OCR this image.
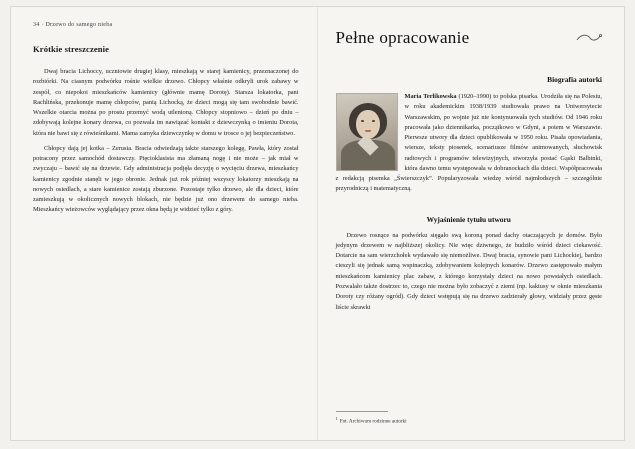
34 · Drzewo do samego nieba
Krótkie streszczenie

Dwaj bracia Lichoccy, uczniowie drugiej klasy, mieszkają w starej kamienicy, przeznaczonej do rozbiórki. Na ciasnym podwórku rośnie wielkie drzewo. Chłopcy właśnie odkryli urok zabawy w zespół, co niepokoi mieszkańców kamienicy (głównie mamę Dorotę). Starsza lokatorka, pani Rachlińska, przekonuje mamę chłopców, panią Lichocką, że dzieci mogą się tam swobodnie bawić. Wszelkie otarcia można po prostu przemyć wodą utlenioną. Chłopcy stopniowo – dzień po dniu – zdobywają kolejne konary drzewa, co pozwala im nawiązać kontakt z dziewczynką o imieniu Dorota, która nie bawi się z rówieśnikami. Mama zamyka dziewczynkę w domu w trosce o jej bezpieczeństwo.

Chłopcy dają jej kotka – Zerusia. Bracia odwiedzają także starszego kolegę, Pawła, który został potracony przez samochód dostawczy. Pięcioklasista ma złamaną nogę i nie może – jak miał w zwyczaju – bawić się na drzewie. Gdy administracja podjęła decyzję o wycięciu drzewa, mieszkańcy kamienicy zgodnie stanęli w jego obronie. Jednak już rok później wszyscy lokatorzy mieszkają na nowych osiedlach, a stare kamienice zostają zburzone. Pozostaje tylko drzewo, ale dla dzieci, które zamieszkują w okolicznych nowych blokach, nie będzie już ono drzewem do samego nieba. Mieszkańcy wieżowców wyglądający przez okna będą je widzieć tylko z góry.

Pełne opracowanie
Biografia autorki

Maria Terlikowska (1920–1990) to polska pisarka. Urodziła się na Polesiu, w roku akademickim 1938/1939 studiowała prawo na Uniwersytecie Warszawskim, po wojnie już nie kontynuowała tych studiów. Od 1946 roku pracowała jako dziennikarka, początkowo w Gdyni, a potem w Warszawie. Pierwsze utwory dla dzieci opublikowała w 1950 roku. Pisała opowiadania, wiersze, teksty piosenek, scenariusze filmów animowanych, słuchowisk radiowych i programów telewizyjnych, stworzyła postać Gąski Balbinki, która dawno temu występowała w dobranockach dla dzieci. Współpracowała z redakcją pisemka „Świerszczyk”. Popularyzowała wiedzę wśród najmłodszych – szczególnie przyrodniczą i matematyczną.

Wyjaśnienie tytułu utworu

Drzewo rosnące na podwórku sięgało swą koroną ponad dachy otaczających je domów. Było jedynym drzewem w najbliższej okolicy. Nie więc dziwnego, że budziło wśród dzieci ciekawość. Dotarcie na sam wierzchołek wydawało się niemożliwe. Dwaj bracia, synowie pani Lichockiej, bardzo cieszyli się jednak samą wspinaczką, zdobywaniem kolejnych konarów. Drzewo zastępowało małym mieszkańcom kamienicy plac zabaw, z którego korzystały dzieci na nowo powstałych osiedlach. Pozwalało także dostrzec to, czego nie można było zobaczyć z ziemi (np. kaktusy w oknie mieszkania Doroty czy różany ogród). Gdy dzieci wstępują się na drzewo zadzierały głowy, widziały przez gęste liście skrawki

$^1$Fot. Archiwum rodzinne autorki
